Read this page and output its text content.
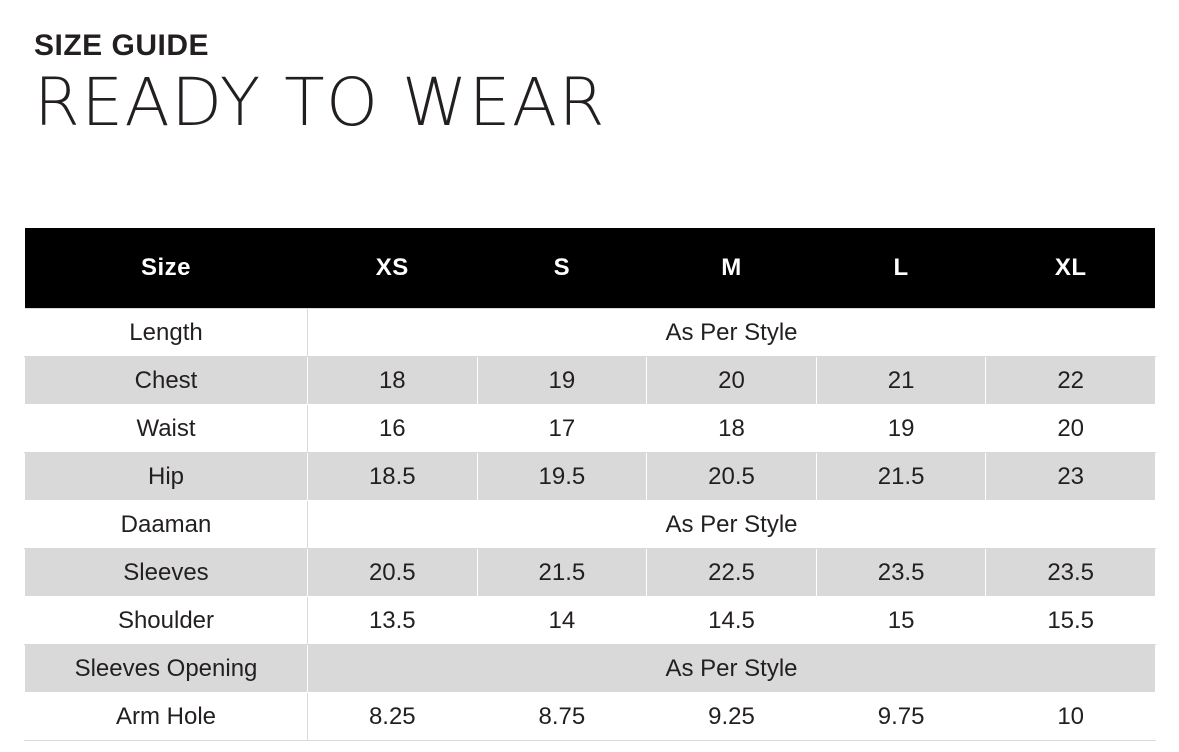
SIZE GUIDE
READY TO WEAR
Size	XS	S	M	L	XL
Length	As Per Style				
Chest	18	19	20	21	22
Waist	16	17	18	19	20
Hip	18.5	19.5	20.5	21.5	23
Daaman	As Per Style				
Sleeves	20.5	21.5	22.5	23.5	23.5
Shoulder	13.5	14	14.5	15	15.5
Sleeves Opening	As Per Style				
Arm Hole	8.25	8.75	9.25	9.75	10
